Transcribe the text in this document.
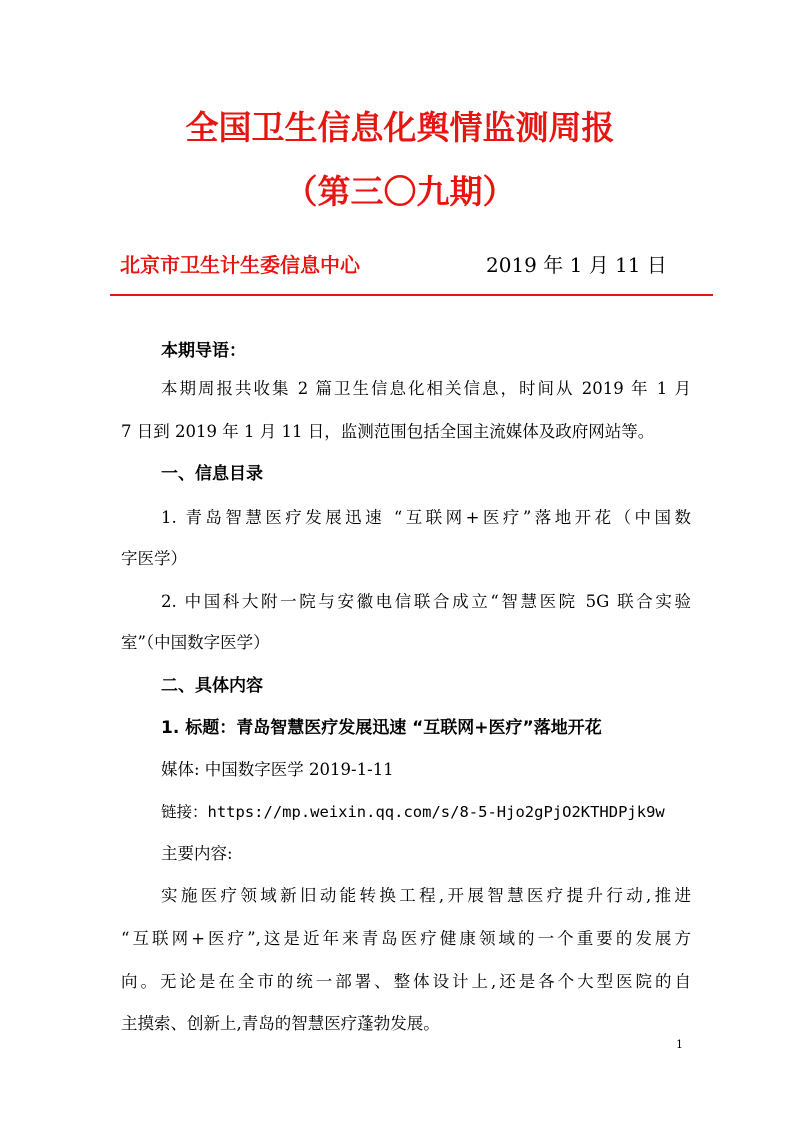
全国卫生信息化舆情监测周报
（第三〇九期）
北京市卫生计生委信息中心	2019 年 1 月 11 日
本期导语：
本期周报共收集 2 篇卫生信息化相关信息，时间从 2019 年 1 月
7 日到 2019 年 1 月 11 日，监测范围包括全国主流媒体及政府网站等。
一、信息目录
1. 青岛智慧医疗发展迅速 “互联网+医疗”落地开花（中国数
字医学）
2. 中国科大附一院与安徽电信联合成立“智慧医院 5G 联合实验
室”（中国数字医学）
二、具体内容
1. 标题：青岛智慧医疗发展迅速 “互联网+医疗”落地开花
媒体: 中国数字医学 2019-1-11
链接：https://mp.weixin.qq.com/s/8-5-Hjo2gPjO2KTHDPjk9w
主要内容:
实施医疗领域新旧动能转换工程,开展智慧医疗提升行动,推进
“互联网+医疗”,这是近年来青岛医疗健康领域的一个重要的发展方
向。无论是在全市的统一部署、整体设计上,还是各个大型医院的自
主摸索、创新上,青岛的智慧医疗蓬勃发展。
1
